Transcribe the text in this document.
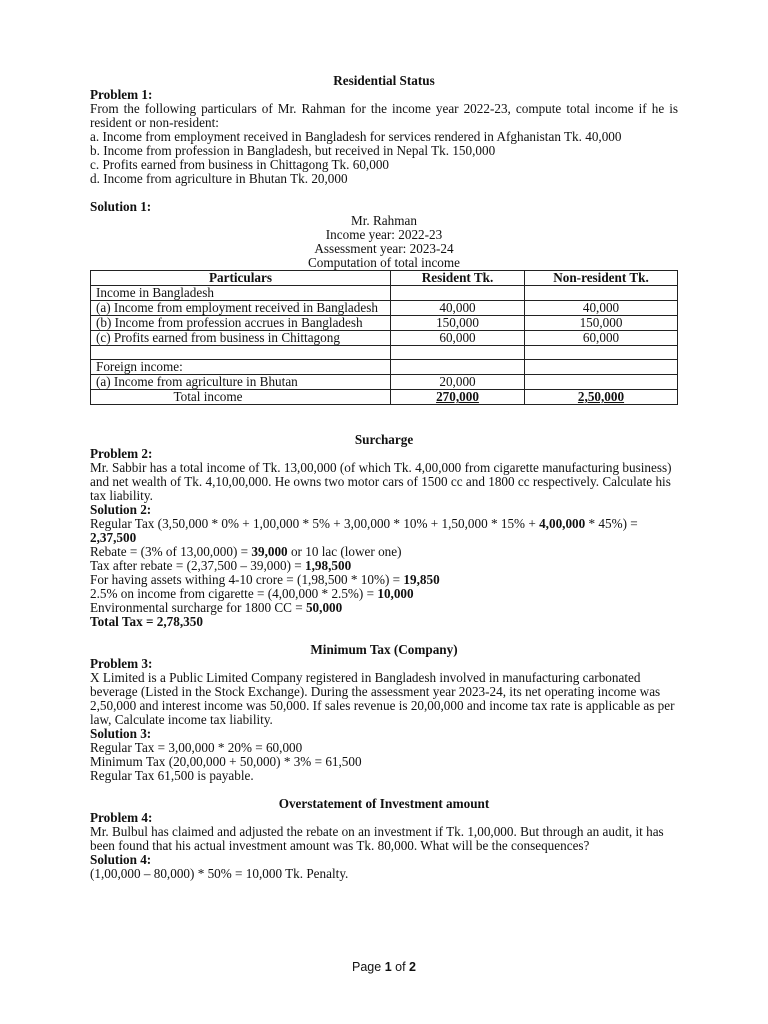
Residential Status

Problem 1:

From the following particulars of Mr. Rahman for the income year 2022-23, compute total income if he is resident or non-resident:

a. Income from employment received in Bangladesh for services rendered in Afghanistan Tk. 40,000

b. Income from profession in Bangladesh, but received in Nepal Tk. 150,000

c. Profits earned from business in Chittagong Tk. 60,000

d. Income from agriculture in Bhutan Tk. 20,000

Solution 1:

Mr. Rahman

Income year: 2022-23

Assessment year: 2023-24

Computation of total income

Particulars	Resident Tk.	Non-resident Tk.
Income in Bangladesh		
(a) Income from employment received in Bangladesh	40,000	40,000
(b) Income from profession accrues in Bangladesh	150,000	150,000
(c) Profits earned from business in Chittagong	60,000	60,000

Foreign income:		
(a) Income from agriculture in Bhutan	20,000	
Total income	270,000	2,50,000

Surcharge

Problem 2:

Mr. Sabbir has a total income of Tk. 13,00,000 (of which Tk. 4,00,000 from cigarette manufacturing business) and net wealth of Tk. 4,10,00,000. He owns two motor cars of 1500 cc and 1800 cc respectively. Calculate his tax liability.

Solution 2:

Regular Tax (3,50,000 * 0% + 1,00,000 * 5% + 3,00,000 * 10% + 1,50,000 * 15% + 4,00,000 * 45%) = 2,37,500

Rebate = (3% of 13,00,000) = 39,000 or 10 lac (lower one)

Tax after rebate = (2,37,500 – 39,000) = 1,98,500

For having assets withing 4-10 crore = (1,98,500 * 10%) = 19,850

2.5% on income from cigarette = (4,00,000 * 2.5%) = 10,000

Environmental surcharge for 1800 CC = 50,000

Total Tax = 2,78,350

Minimum Tax (Company)

Problem 3:

X Limited is a Public Limited Company registered in Bangladesh involved in manufacturing carbonated beverage (Listed in the Stock Exchange). During the assessment year 2023-24, its net operating income was 2,50,000 and interest income was 50,000. If sales revenue is 20,00,000 and income tax rate is applicable as per law, Calculate income tax liability.

Solution 3:

Regular Tax = 3,00,000 * 20% = 60,000

Minimum Tax (20,00,000 + 50,000) * 3% = 61,500

Regular Tax 61,500 is payable.

Overstatement of Investment amount

Problem 4:

Mr. Bulbul has claimed and adjusted the rebate on an investment if Tk. 1,00,000. But through an audit, it has been found that his actual investment amount was Tk. 80,000. What will be the consequences?

Solution 4:

(1,00,000 – 80,000) * 50% = 10,000 Tk. Penalty.

Page 1 of 2
